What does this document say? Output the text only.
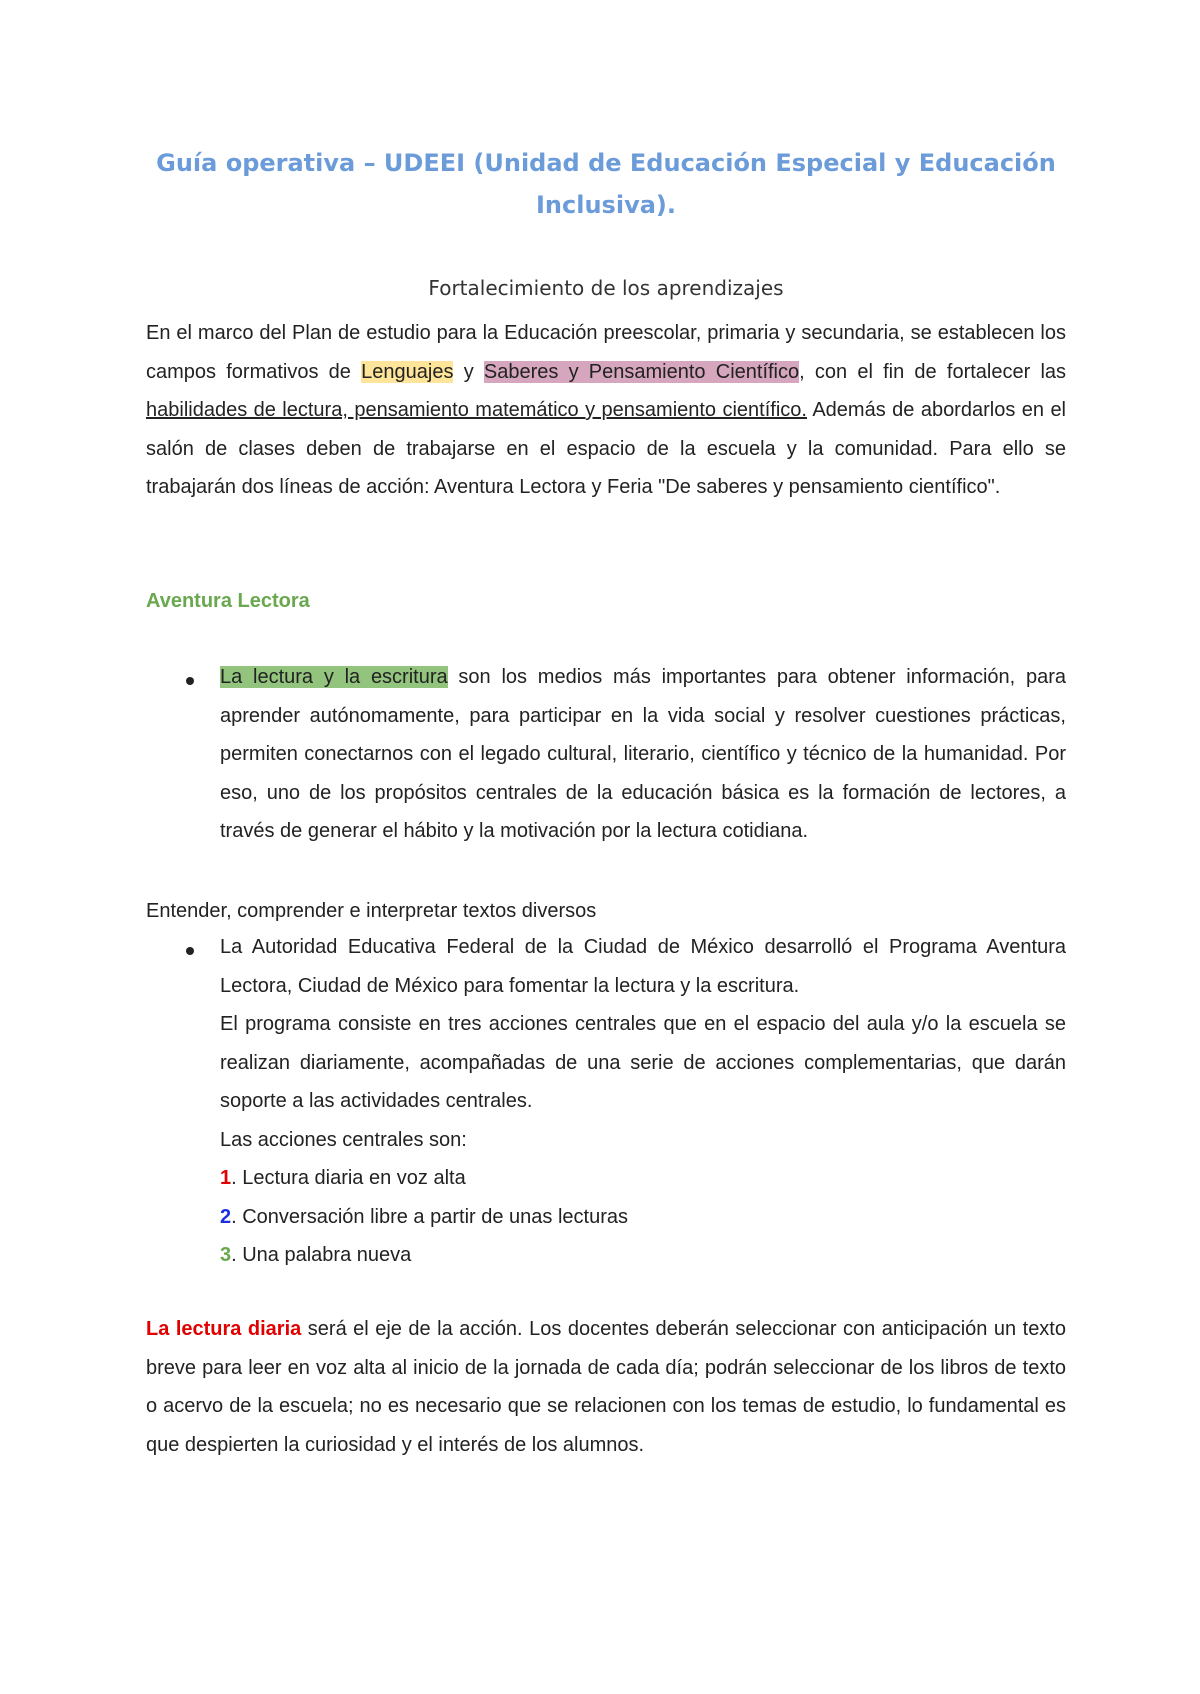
Guía operativa – UDEEI (Unidad de Educación Especial y Educación Inclusiva).
Fortalecimiento de los aprendizajes

En el marco del Plan de estudio para la Educación preescolar, primaria y secundaria, se establecen los campos formativos de Lenguajes y Saberes y Pensamiento Científico, con el fin de fortalecer las habilidades de lectura, pensamiento matemático y pensamiento científico. Además de abordarlos en el salón de clases deben de trabajarse en el espacio de la escuela y la comunidad. Para ello se trabajarán dos líneas de acción: Aventura Lectora y Feria "De saberes y pensamiento científico".

Aventura Lectora

La lectura y la escritura son los medios más importantes para obtener información, para aprender autónomamente, para participar en la vida social y resolver cuestiones prácticas, permiten conectarnos con el legado cultural, literario, científico y técnico de la humanidad. Por eso, uno de los propósitos centrales de la educación básica es la formación de lectores, a través de generar el hábito y la motivación por la lectura cotidiana.

Entender, comprender e interpretar textos diversos

La Autoridad Educativa Federal de la Ciudad de México desarrolló el Programa Aventura Lectora, Ciudad de México para fomentar la lectura y la escritura.

El programa consiste en tres acciones centrales que en el espacio del aula y/o la escuela se realizan diariamente, acompañadas de una serie de acciones complementarias, que darán soporte a las actividades centrales.

Las acciones centrales son:

1. Lectura diaria en voz alta

2. Conversación libre a partir de unas lecturas

3. Una palabra nueva

La lectura diaria será el eje de la acción. Los docentes deberán seleccionar con anticipación un texto breve para leer en voz alta al inicio de la jornada de cada día; podrán seleccionar de los libros de texto o acervo de la escuela; no es necesario que se relacionen con los temas de estudio, lo fundamental es que despierten la curiosidad y el interés de los alumnos.
